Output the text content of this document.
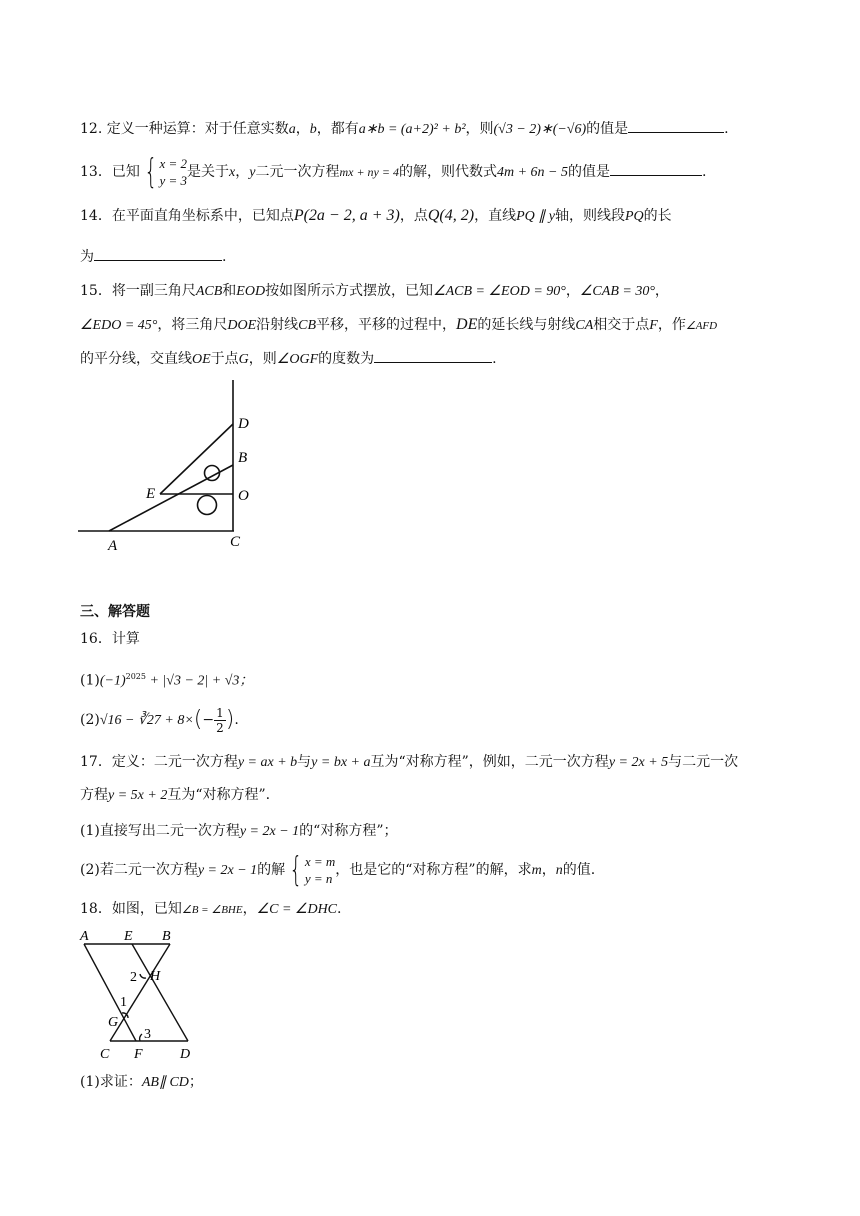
12. 定义一种运算：对于任意实数a，b，都有a∗b = (a+2)² + b²，则(√3 − 2)∗(−√6)的值是	.
13．已知 { x = 2
y = 3
是关于x，y二元一次方程mx + ny = 4的解，则代数式4m + 6n − 5的值是	.
14．在平面直角坐标系中，已知点P(2a − 2, a + 3)，点Q(4, 2)，直线PQ ∥ y轴，则线段PQ的长
为	.
15．将一副三角尺ACB和EOD按如图所示方式摆放，已知∠ACB = ∠EOD = 90°，∠CAB = 30°，
∠EDO = 45°，将三角尺DOE沿射线CB平移，平移的过程中，DE的延长线与射线CA相交于点F，作∠AFD
的平分线，交直线OE于点G，则∠OGF的度数为	.
D
B
E	O
A	C
三、解答题
16．计算
$(1)(-1)^{2025} + |√3 - 2| + √3$；
(2)√16 − ∛27 + $8\times(- \frac{1}{2}$ ).
17．定义：二元一次方程y = ax + b与y = bx + a互为“对称方程”，例如，二元一次方程y = 2x + 5与二元一次
方程y = 5x + 2互为“对称方程”.
(1)直接写出二元一次方程y = 2x − 1的“对称方程”；
(2)若二元一次方程y = 2x − 1的解 { x = m
y = n
，也是它的“对称方程”的解，求m，n的值.
18．如图，已知∠B = ∠BHE，∠C = ∠DHC.
A	E B
H
2
1
G
3
C F	D
(1)求证：AB∥ CD；
